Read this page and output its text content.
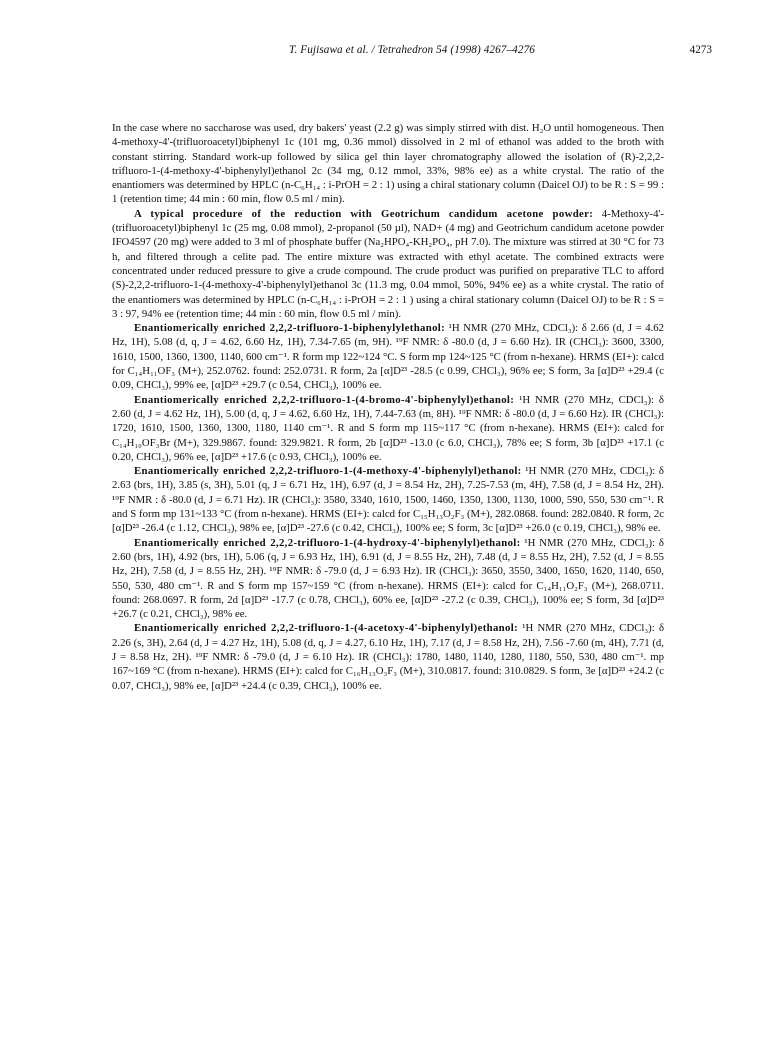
T. Fujisawa et al. / Tetrahedron 54 (1998) 4267–4276	4273

In the case where no saccharose was used, dry bakers' yeast (2.2 g) was simply stirred with dist. H₂O until homogeneous. Then 4-methoxy-4'-(trifluoroacetyl)biphenyl 1c (101 mg, 0.36 mmol) dissolved in 2 ml of ethanol was added to the broth with constant stirring. Standard work-up followed by silica gel thin layer chromatography allowed the isolation of (R)-2,2,2-trifluoro-1-(4-methoxy-4'-biphenylyl)ethanol 2c (34 mg, 0.12 mmol, 33%, 98% ee) as a white crystal. The ratio of the enantiomers was determined by HPLC (n-C₆H₁₄ : i-PrOH = 2 : 1) using a chiral stationary column (Daicel OJ) to be R : S = 99 : 1 (retention time; 44 min : 60 min, flow 0.5 ml / min).

A typical procedure of the reduction with Geotrichum candidum acetone powder: 4-Methoxy-4'-(trifluoroacetyl)biphenyl 1c (25 mg, 0.08 mmol), 2-propanol (50 µl), NAD+ (4 mg) and Geotrichum candidum acetone powder IFO4597 (20 mg) were added to 3 ml of phosphate buffer (Na₂HPO₄-KH₂PO₄, pH 7.0). The mixture was stirred at 30 °C for 73 h, and filtered through a celite pad. The entire mixture was extracted with ethyl acetate. The combined extracts were concentrated under reduced pressure to give a crude compound. The crude product was purified on preparative TLC to afford (S)-2,2,2-trifluoro-1-(4-methoxy-4'-biphenylyl)ethanol 3c (11.3 mg, 0.04 mmol, 50%, 94% ee) as a white crystal. The ratio of the enantiomers was determined by HPLC (n-C₆H₁₄ : i-PrOH = 2 : 1 ) using a chiral stationary column (Daicel OJ) to be R : S = 3 : 97, 94% ee (retention time; 44 min : 60 min, flow 0.5 ml / min).

Enantiomerically enriched 2,2,2-trifluoro-1-biphenylylethanol: ¹H NMR (270 MHz, CDCl₃): δ 2.66 (d, J = 4.62 Hz, 1H), 5.08 (d, q, J = 4.62, 6.60 Hz, 1H), 7.34-7.65 (m, 9H). ¹⁹F NMR: δ -80.0 (d, J = 6.60 Hz). IR (CHCl₃): 3600, 3300, 1610, 1500, 1360, 1300, 1140, 600 cm⁻¹. R form mp 122~124 °C. S form mp 124~125 °C (from n-hexane). HRMS (EI+): calcd for C₁₄H₁₁OF₃ (M+), 252.0762. found: 252.0731. R form, 2a [α]D²³ -28.5 (c 0.99, CHCl₃), 96% ee; S form, 3a [α]D²³ +29.4 (c 0.09, CHCl₃), 99% ee, [α]D²³ +29.7 (c 0.54, CHCl₃), 100% ee.

Enantiomerically enriched 2,2,2-trifluoro-1-(4-bromo-4'-biphenylyl)ethanol: ¹H NMR (270 MHz, CDCl₃): δ 2.60 (d, J = 4.62 Hz, 1H), 5.00 (d, q, J = 4.62, 6.60 Hz, 1H), 7.44-7.63 (m, 8H). ¹⁹F NMR: δ -80.0 (d, J = 6.60 Hz). IR (CHCl₃): 1720, 1610, 1500, 1360, 1300, 1180, 1140 cm⁻¹. R and S form mp 115~117 °C (from n-hexane). HRMS (EI+): calcd for C₁₄H₁₀OF₃Br (M+), 329.9867. found: 329.9821. R form, 2b [α]D²³ -13.0 (c 6.0, CHCl₃), 78% ee; S form, 3b [α]D²³ +17.1 (c 0.20, CHCl₃), 96% ee, [α]D²³ +17.6 (c 0.93, CHCl₃), 100% ee.

Enantiomerically enriched 2,2,2-trifluoro-1-(4-methoxy-4'-biphenylyl)ethanol: ¹H NMR (270 MHz, CDCl₃): δ 2.63 (brs, 1H), 3.85 (s, 3H), 5.01 (q, J = 6.71 Hz, 1H), 6.97 (d, J = 8.54 Hz, 2H), 7.25-7.53 (m, 4H), 7.58 (d, J = 8.54 Hz, 2H). ¹⁹F NMR : δ -80.0 (d, J = 6.71 Hz). IR (CHCl₃): 3580, 3340, 1610, 1500, 1460, 1350, 1300, 1130, 1000, 590, 550, 530 cm⁻¹. R and S form mp 131~133 °C (from n-hexane). HRMS (EI+): calcd for C₁₅H₁₃O₂F₃ (M+), 282.0868. found: 282.0840. R form, 2c [α]D²³ -26.4 (c 1.12, CHCl₃), 98% ee, [α]D²³ -27.6 (c 0.42, CHCl₃), 100% ee; S form, 3c [α]D²³ +26.0 (c 0.19, CHCl₃), 98% ee.

Enantiomerically enriched 2,2,2-trifluoro-1-(4-hydroxy-4'-biphenylyl)ethanol: ¹H NMR (270 MHz, CDCl₃): δ 2.60 (brs, 1H), 4.92 (brs, 1H), 5.06 (q, J = 6.93 Hz, 1H), 6.91 (d, J = 8.55 Hz, 2H), 7.48 (d, J = 8.55 Hz, 2H), 7.52 (d, J = 8.55 Hz, 2H), 7.58 (d, J = 8.55 Hz, 2H). ¹⁹F NMR: δ -79.0 (d, J = 6.93 Hz). IR (CHCl₃): 3650, 3550, 3400, 1650, 1620, 1140, 650, 550, 530, 480 cm⁻¹. R and S form mp 157~159 °C (from n-hexane). HRMS (EI+): calcd for C₁₄H₁₁O₂F₃ (M+), 268.0711. found: 268.0697. R form, 2d [α]D²³ -17.7 (c 0.78, CHCl₃), 60% ee, [α]D²³ -27.2 (c 0.39, CHCl₃), 100% ee; S form, 3d [α]D²³ +26.7 (c 0.21, CHCl₃), 98% ee.

Enantiomerically enriched 2,2,2-trifluoro-1-(4-acetoxy-4'-biphenylyl)ethanol: ¹H NMR (270 MHz, CDCl₃): δ 2.26 (s, 3H), 2.64 (d, J = 4.27 Hz, 1H), 5.08 (d, q, J = 4.27, 6.10 Hz, 1H), 7.17 (d, J = 8.58 Hz, 2H), 7.56 -7.60 (m, 4H), 7.71 (d, J = 8.58 Hz, 2H). ¹⁹F NMR: δ -79.0 (d, J = 6.10 Hz). IR (CHCl₃): 1780, 1480, 1140, 1280, 1180, 550, 530, 480 cm⁻¹. mp 167~169 °C (from n-hexane). HRMS (EI+): calcd for C₁₆H₁₃O₃F₃ (M+), 310.0817. found: 310.0829. S form, 3e [α]D²³ +24.2 (c 0.07, CHCl₃), 98% ee, [α]D²³ +24.4 (c 0.39, CHCl₃), 100% ee.
